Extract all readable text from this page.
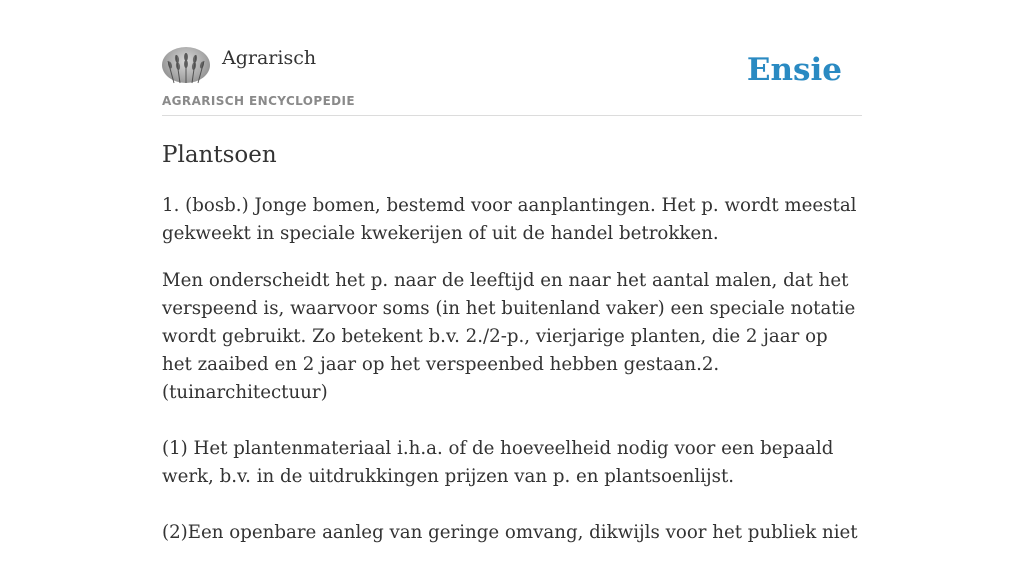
Agrarisch
AGRARISCH ENCYCLOPEDIE
Ensie
Plantsoen

1. (bosb.) Jonge bomen, bestemd voor aanplantingen. Het p. wordt meestal gekweekt in speciale kwekerijen of uit de handel betrokken.

Men onderscheidt het p. naar de leeftijd en naar het aantal malen, dat het verspeend is, waarvoor soms (in het buitenland vaker) een speciale notatie wordt gebruikt. Zo betekent b.v. 2./2-p., vierjarige planten, die 2 jaar op het zaaibed en 2 jaar op het verspeenbed hebben gestaan.2. (tuinarchitectuur)

(1) Het plantenmateriaal i.h.a. of de hoeveelheid nodig voor een bepaald werk, b.v. in de uitdrukkingen prijzen van p. en plantsoenlijst.

(2)Een openbare aanleg van geringe omvang, dikwijls voor het publiek niet
